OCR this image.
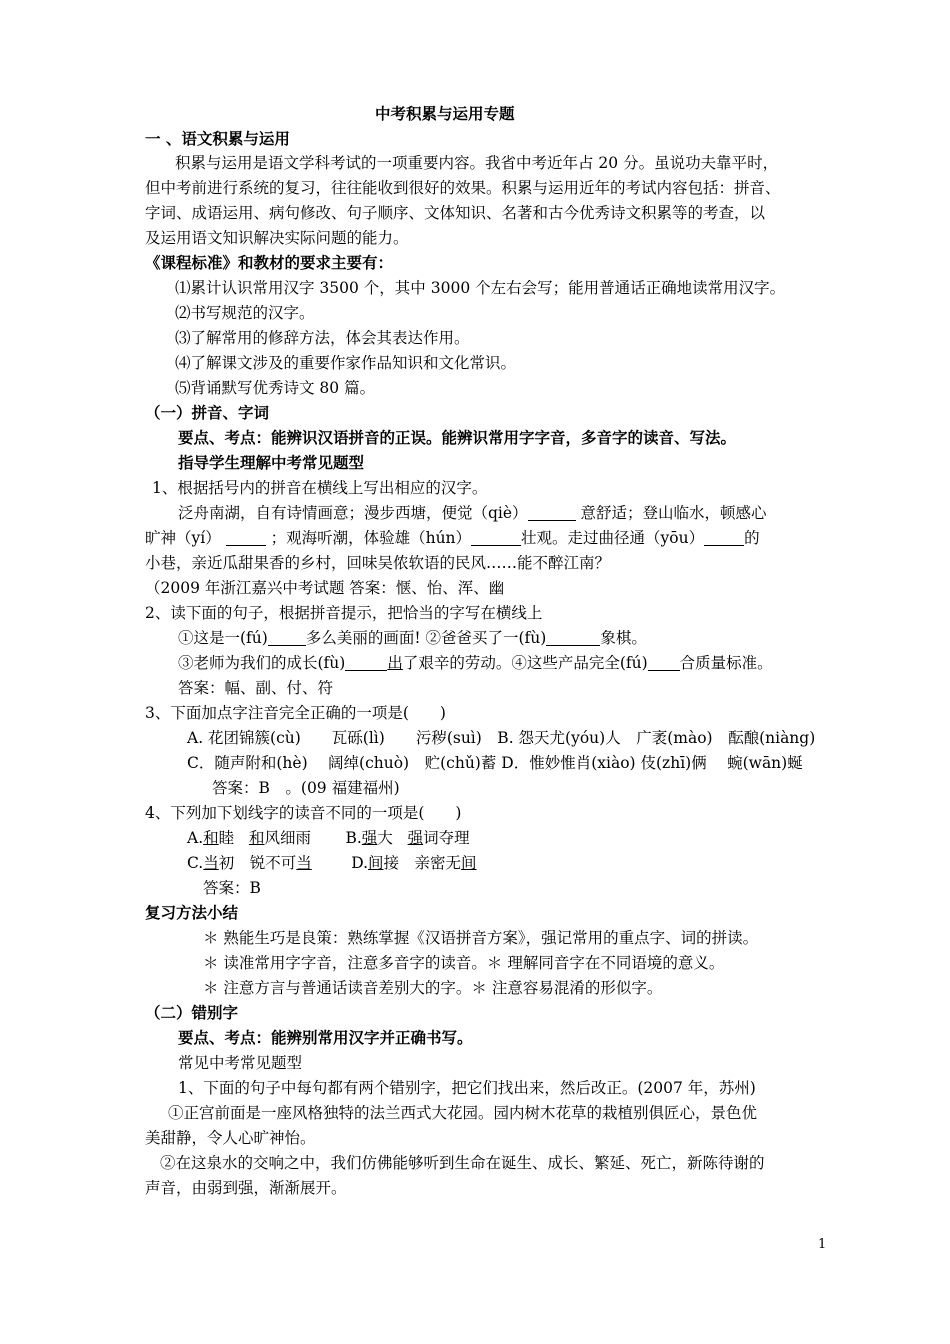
中考积累与运用专题
一 、语文积累与运用
积累与运用是语文学科考试的一项重要内容。我省中考近年占 20 分。虽说功夫靠平时，
但中考前进行系统的复习，往往能收到很好的效果。积累与运用近年的考试内容包括：拼音、
字词、成语运用、病句修改、句子顺序、文体知识、名著和古今优秀诗文积累等的考查，以
及运用语文知识解决实际问题的能力。
《课程标准》和教材的要求主要有：
⑴累计认识常用汉字 3500 个，其中 3000 个左右会写；能用普通话正确地读常用汉字。
⑵书写规范的汉字。
⑶了解常用的修辞方法，体会其表达作用。
⑷了解课文涉及的重要作家作品知识和文化常识。
⑸背诵默写优秀诗文 80 篇。
（一）拼音、字词
要点、考点：能辨识汉语拼音的正误。能辨识常用字字音，多音字的读音、写法。
指导学生理解中考常见题型
1、根据括号内的拼音在横线上写出相应的汉字。
泛舟南湖，自有诗情画意；漫步西塘，便觉（qiè）	意舒适；登山临水，顿感心
旷神（yí）	；观海听潮，体验雄（hún）	壮观。走过曲径通（yōu）	的
小巷，亲近瓜甜果香的乡村，回味吴侬软语的民风……能不醉江南？
（2009 年浙江嘉兴中考试题 答案：惬、怡、浑、幽
2、读下面的句子，根据拼音提示，把恰当的字写在横线上
①这是一(fú) 多么美丽的画面! ②爸爸买了一(fù)	象棋。
③老师为我们的成长(fù)	出了艰辛的劳动。④这些产品完全(fú) 合质量标准。
答案：幅、副、付、符
3、下面加点字注音完全正确的一项是(　　)
A. 花团锦簇(cù)　　瓦砾(lì)　　污秽(suì)　B. 怨天尤(yóu)人　广袤(mào)　酝酿(niàng)
C．随声附和(hè)　 阔绰(chuò)　贮(chǔ)蓄 D．惟妙惟肖(xiào) 伎(zhī)俩　 蜿(wān)蜒
答案：B　。(09 福建福州)
4、下列加下划线字的读音不同的一项是(　　)
A.和睦 和风细雨 B.强大 强词夺理
C.当初　锐不可当	D.间接　亲密无间
答案：B
复习方法小结
＊ 熟能生巧是良策：熟练掌握《汉语拼音方案》，强记常用的重点字、词的拼读。
＊ 读准常用字字音，注意多音字的读音。＊ 理解同音字在不同语境的意义。
＊ 注意方言与普通话读音差别大的字。＊ 注意容易混淆的形似字。
（二）错别字
要点、考点：能辨别常用汉字并正确书写。
常见中考常见题型
1、下面的句子中每句都有两个错别字，把它们找出来，然后改正。(2007 年，苏州)
①正宫前面是一座风格独特的法兰西式大花园。园内树木花草的栽植别俱匠心，景色优
美甜静，令人心旷神怡。
②在这泉水的交响之中，我们仿佛能够听到生命在诞生、成长、繁延、死亡，新陈待谢的
声音，由弱到强，渐渐展开。
1
